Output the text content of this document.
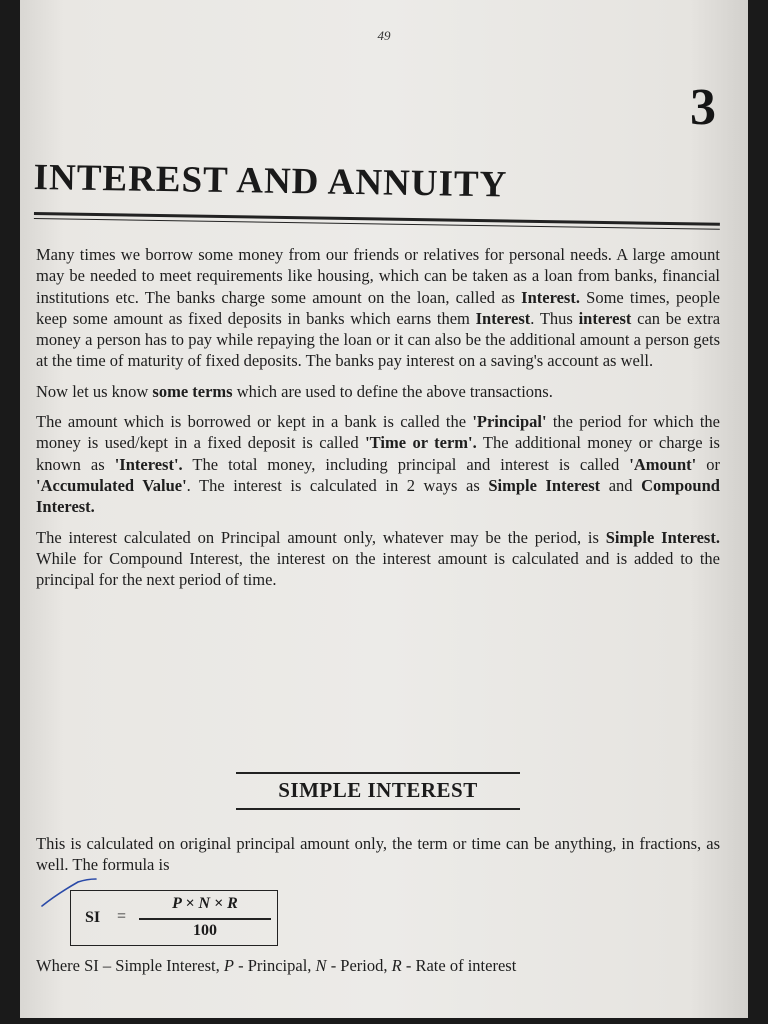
49
3
INTEREST AND ANNUITY

Many times we borrow some money from our friends or relatives for personal needs. A large amount may be needed to meet requirements like housing, which can be taken as a loan from banks, financial institutions etc. The banks charge some amount on the loan, called as Interest. Some times, people keep some amount as fixed deposits in banks which earns them Interest. Thus interest can be extra money a person has to pay while repaying the loan or it can also be the additional amount a person gets at the time of maturity of fixed deposits. The banks pay interest on a saving's account as well.

Now let us know some terms which are used to define the above transactions.

The amount which is borrowed or kept in a bank is called the 'Principal' the period for which the money is used/kept in a fixed deposit is called 'Time or term'. The additional money or charge is known as 'Interest'. The total money, including principal and interest is called 'Amount' or 'Accumulated Value'. The interest is calculated in 2 ways as Simple Interest and Compound Interest.

The interest calculated on Principal amount only, whatever may be the period, is Simple Interest. While for Compound Interest, the interest on the interest amount is calculated and is added to the principal for the next period of time.

SIMPLE INTEREST
This is calculated on original principal amount only, the term or time can be anything, in fractions, as well. The formula is
SI =
P × N × R
100
Where SI – Simple Interest, P - Principal, N - Period, R - Rate of interest
